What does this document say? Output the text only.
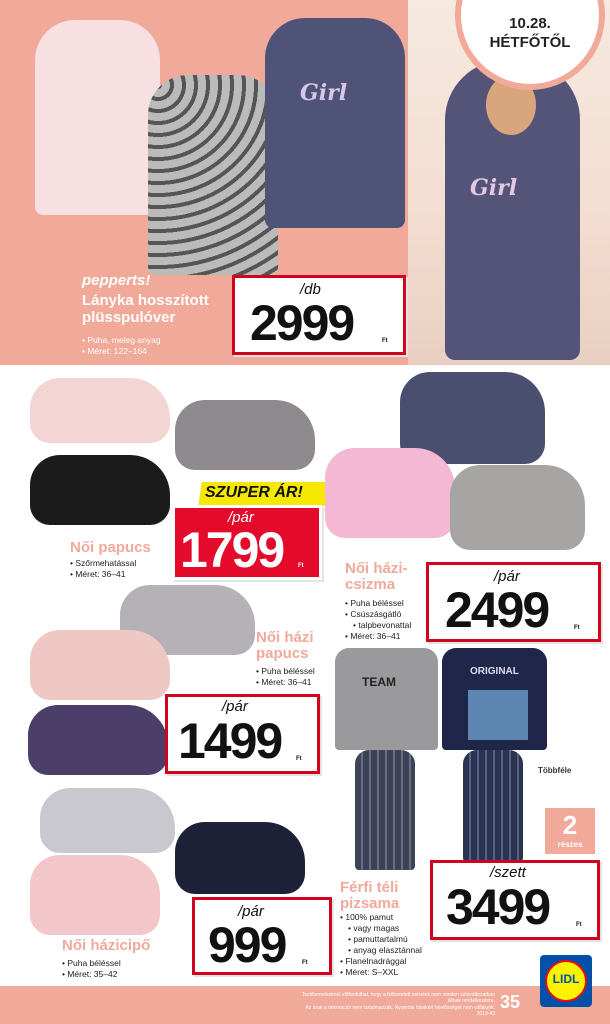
Girl
10.28.
HÉTFŐTŐL
Girl
pepperts!
Lányka hosszított
plüsspulóver
• Puha, meleg anyag
• Méret: 122–164
/db
2999	Ft
SZUPER ÁR!
/pár
1799 Ft
Női papucs
• Szőrmehatással
• Méret: 36–41	Női házi-
csizma
• Puha béléssel
• Csúszásgátló
• talpbevonattal
• Méret: 36–41
/pár
2499	Ft
Női házi
papucs
• Puha béléssel
• Méret: 36–41
/pár
1499 Ft
TEAM
ORIGINAL
Többféle
2
részes
Férfi téli
pizsama
• 100% pamut
• vagy magas
• pamuttartalmú
• anyag elasztánnal
• Flanelnadrággal
• Méret: S–XXL
/szett
3499	Ft
/pár
999	Ft
Női házicipő
• Puha béléssel
• Méret: 35–42
Textiltermékeknél előfordulhat, hogy a feltüntetett méretek nem minden színváltozatban állnak rendelkezésre.
Az árak a dekorációt nem tartalmazzák. Nyomdai hibákért felelősséget nem vállalunk. 2019-43
35
LIDL
